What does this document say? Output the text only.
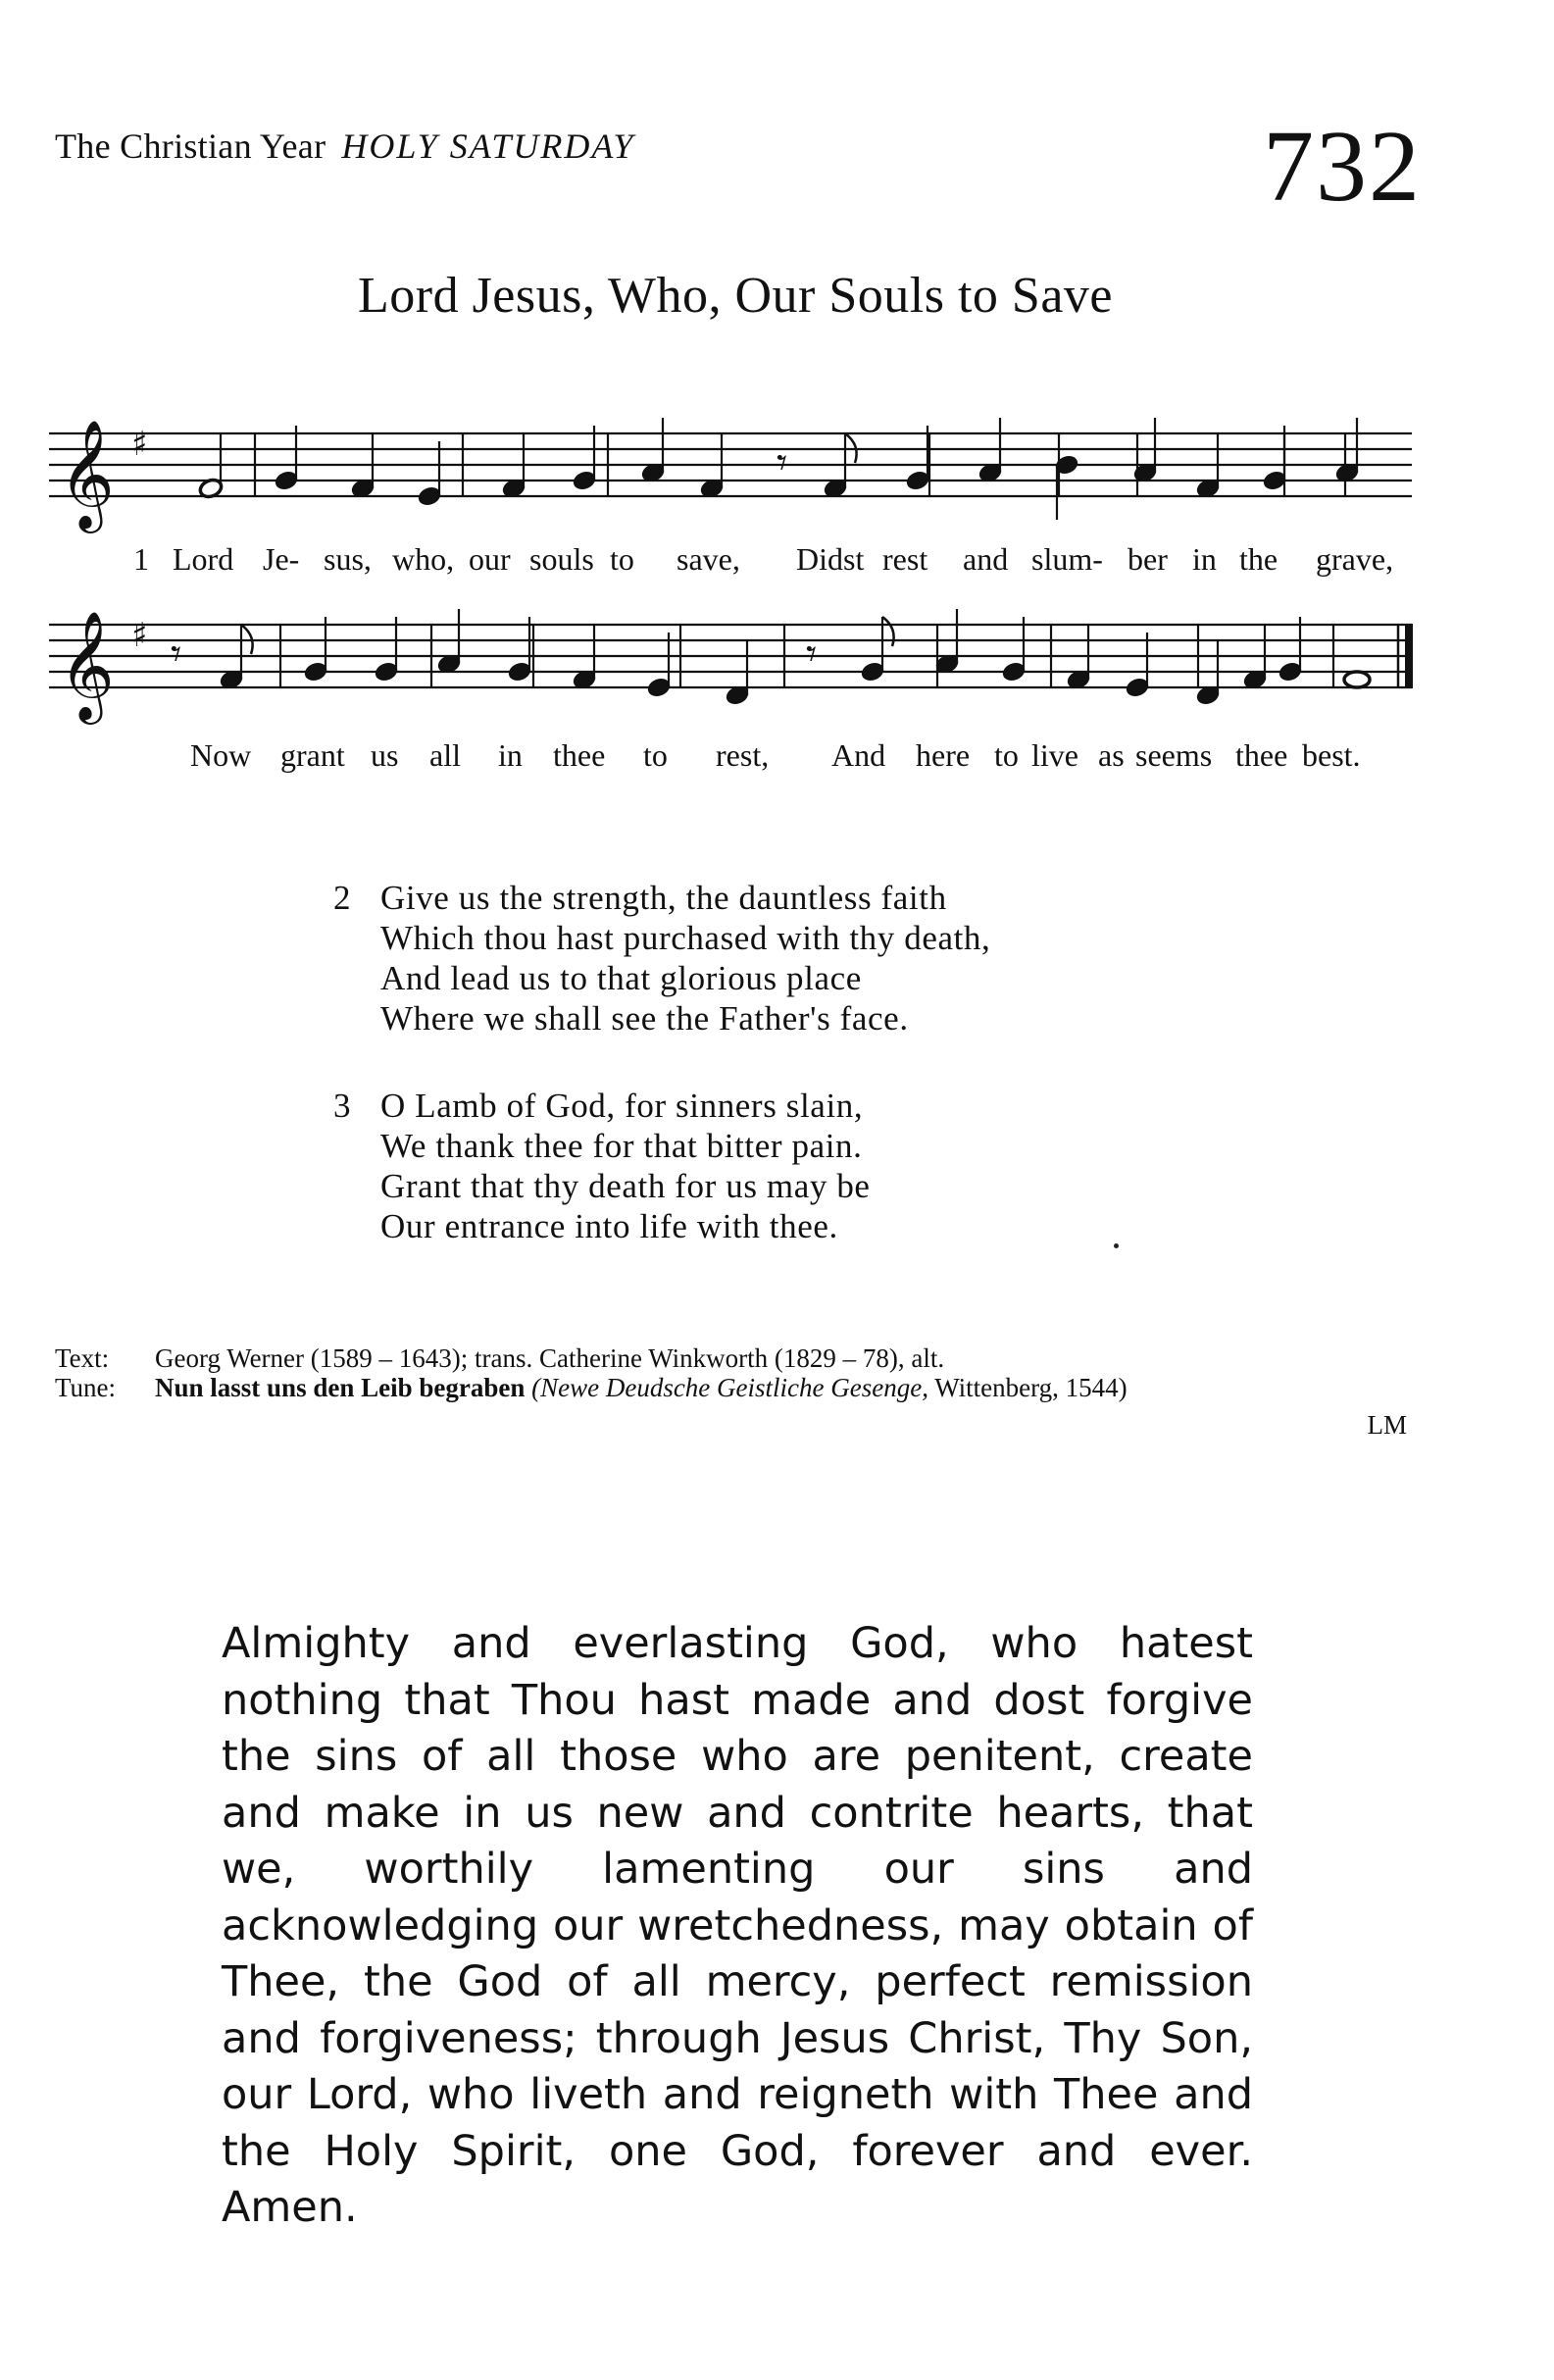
The Christian Year HOLY SATURDAY	732
Lord Jesus, Who, Our Souls to Save
𝄞 ♯	𝄾
1 Lord Je- sus, who, our souls to save, Didst rest and slum- ber in the grave,
𝄞 ♯ 𝄾	𝄾
Now grant us all in thee to rest, And here to live as seems thee best.
2 Give us the strength, the dauntless faith
Which thou hast purchased with thy death,
And lead us to that glorious place
Where we shall see the Father's face.
3 O Lamb of God, for sinners slain,
We thank thee for that bitter pain.
Grant that thy death for us may be
Our entrance into life with thee.
Text:	Georg Werner (1589 – 1643); trans. Catherine Winkworth (1829 – 78), alt.
Tune:	Nun lasst uns den Leib begraben (Newe Deudsche Geistliche Gesenge, Wittenberg, 1544)
LM
Almighty and everlasting God, who hatest nothing that Thou hast made and dost forgive the sins of all those who are penitent, create and make in us new and contrite hearts, that we, worthily lamenting our sins and acknowledging our wretchedness, may obtain of Thee, the God of all mercy, perfect remission and forgiveness; through Jesus Christ, Thy Son, our Lord, who liveth and reigneth with Thee and the Holy Spirit, one God, forever and ever. Amen.
